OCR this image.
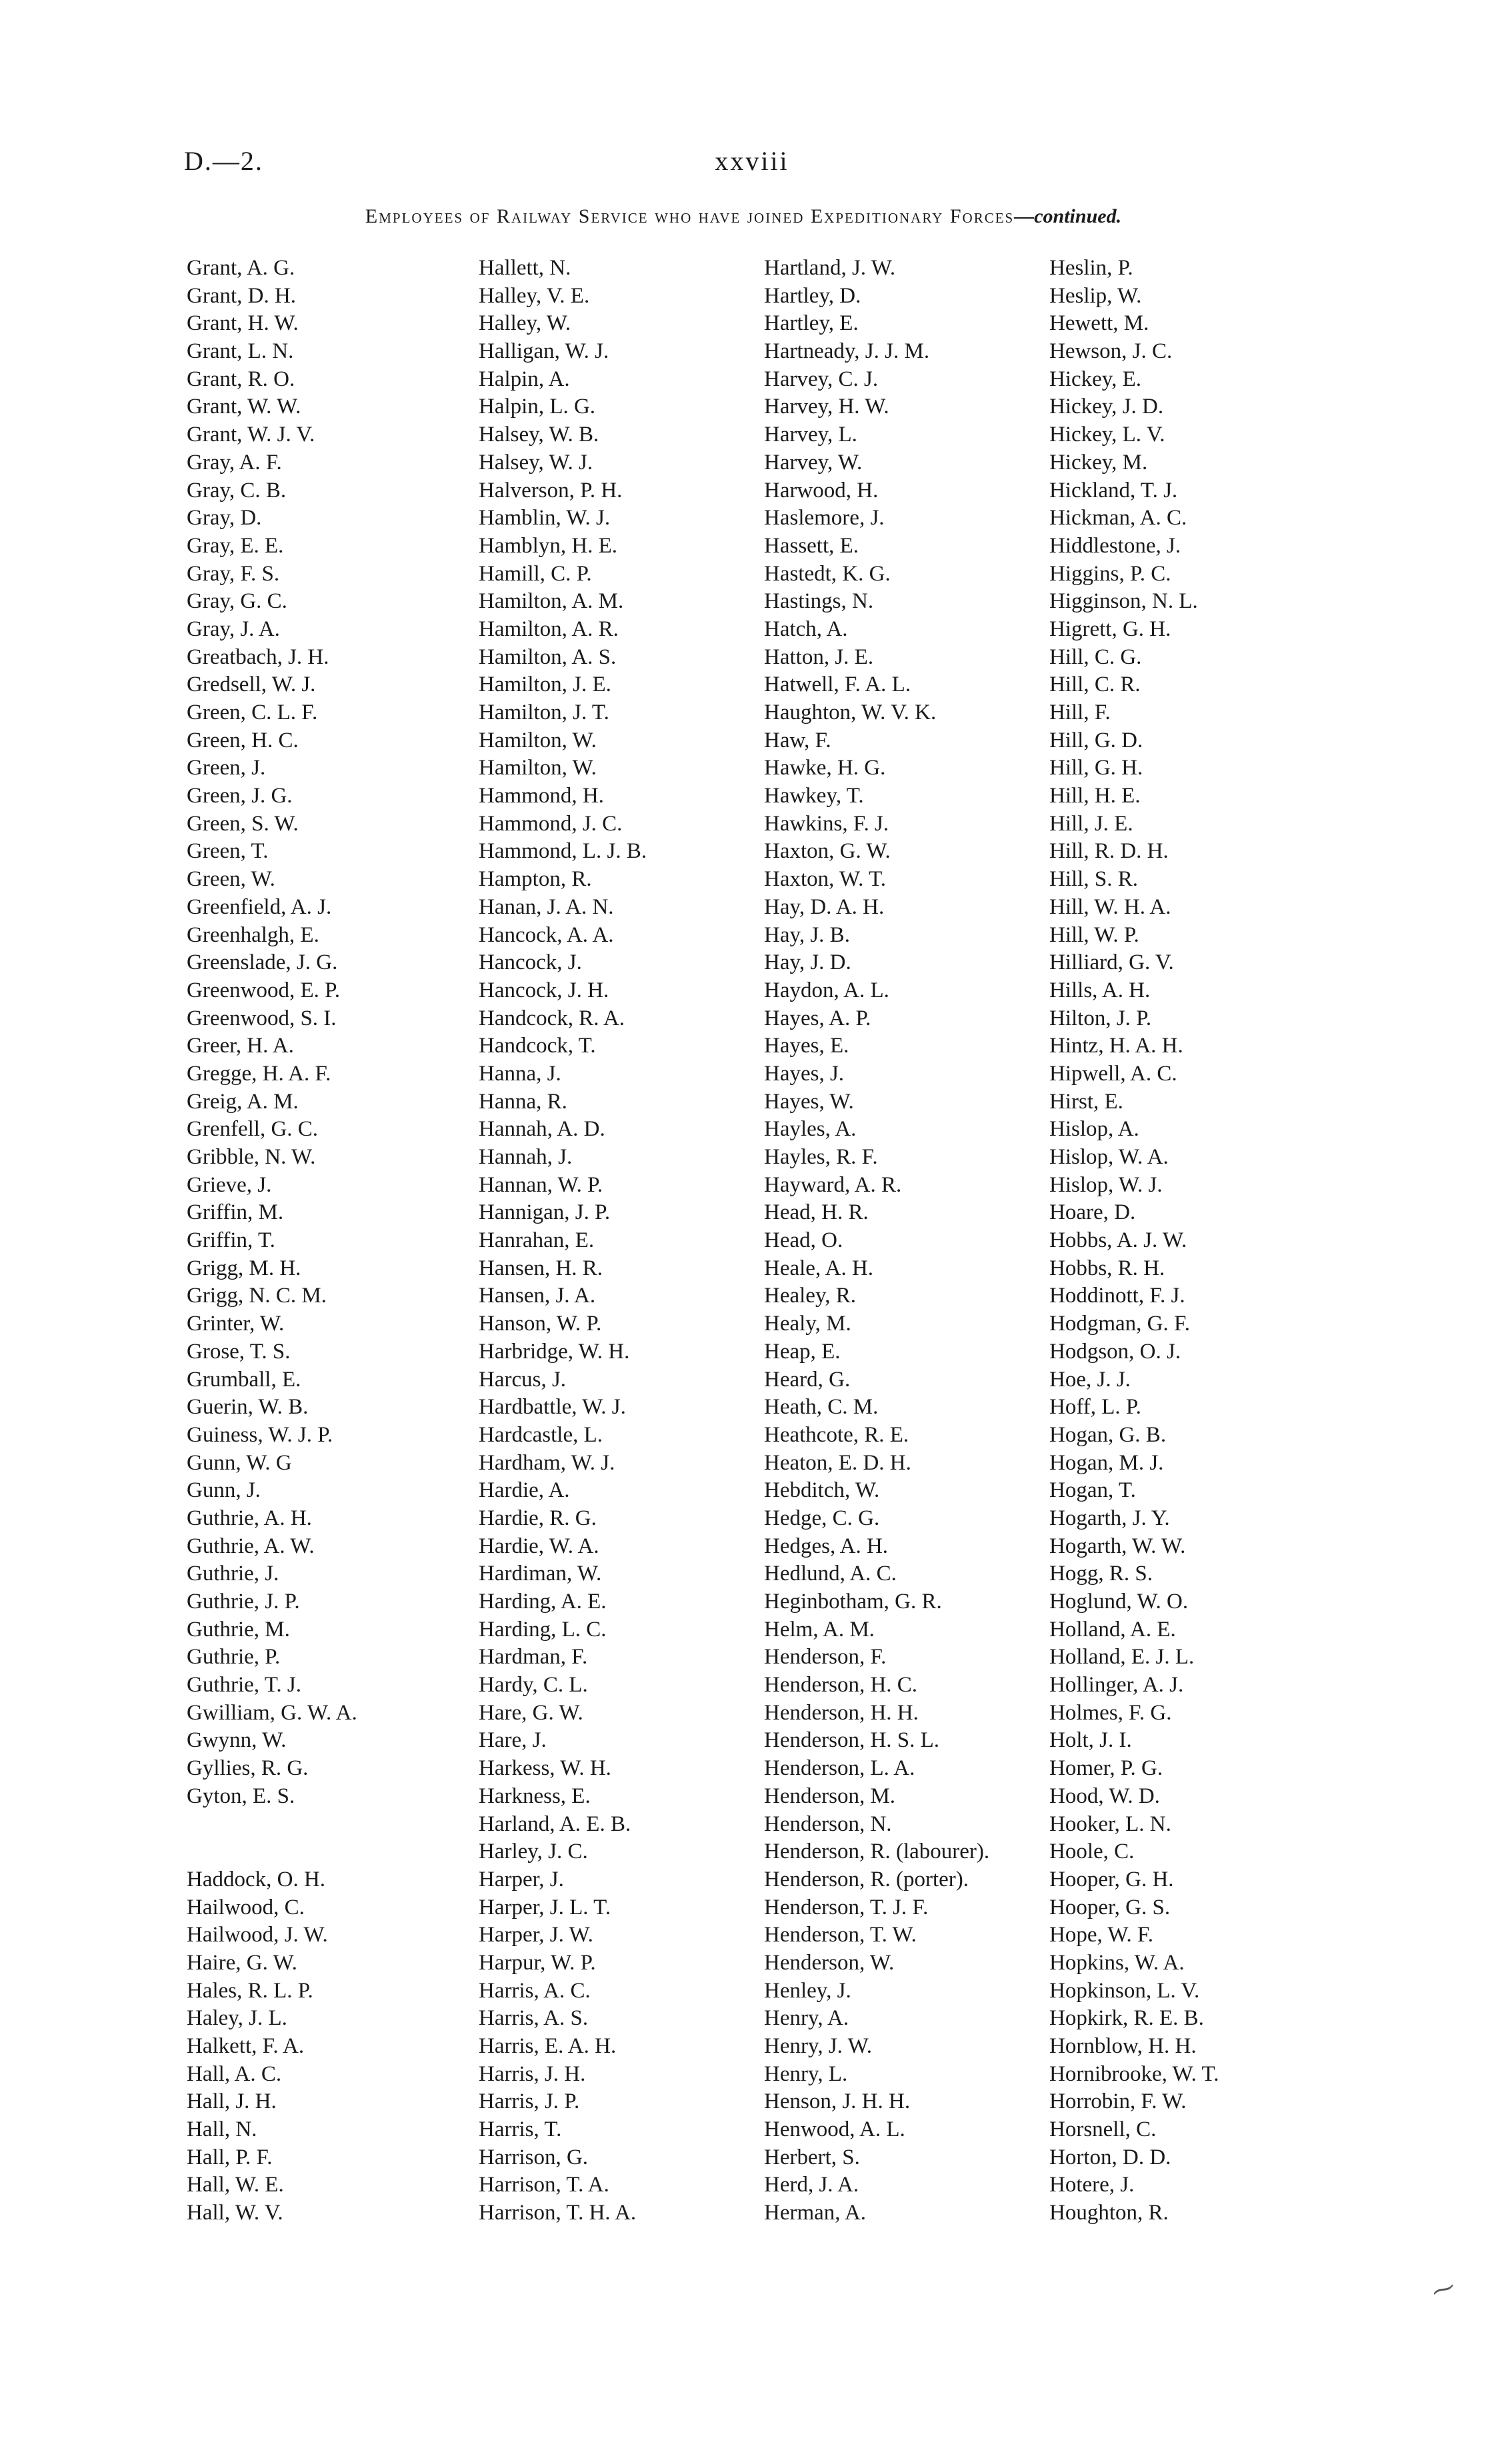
D.—2.	xxviii
Employees of Railway Service who have joined Expeditionary Forces—continued.
Grant, A. G.
Grant, D. H.
Grant, H. W.
Grant, L. N.
Grant, R. O.
Grant, W. W.
Grant, W. J. V.
Gray, A. F.
Gray, C. B.
Gray, D.
Gray, E. E.
Gray, F. S.
Gray, G. C.
Gray, J. A.
Greatbach, J. H.
Gredsell, W. J.
Green, C. L. F.
Green, H. C.
Green, J.
Green, J. G.
Green, S. W.
Green, T.
Green, W.
Greenfield, A. J.
Greenhalgh, E.
Greenslade, J. G.
Greenwood, E. P.
Greenwood, S. I.
Greer, H. A.
Gregge, H. A. F.
Greig, A. M.
Grenfell, G. C.
Gribble, N. W.
Grieve, J.
Griffin, M.
Griffin, T.
Grigg, M. H.
Grigg, N. C. M.
Grinter, W.
Grose, T. S.
Grumball, E.
Guerin, W. B.
Guiness, W. J. P.
Gunn, W. G
Gunn, J.
Guthrie, A. H.
Guthrie, A. W.
Guthrie, J.
Guthrie, J. P.
Guthrie, M.
Guthrie, P.
Guthrie, T. J.
Gwilliam, G. W. A.
Gwynn, W.
Gyllies, R. G.
Gyton, E. S.
Haddock, O. H.
Hailwood, C.
Hailwood, J. W.
Haire, G. W.
Hales, R. L. P.
Haley, J. L.
Halkett, F. A.
Hall, A. C.
Hall, J. H.
Hall, N.
Hall, P. F.
Hall, W. E.
Hall, W. V.
Hallett, N.
Halley, V. E.
Halley, W.
Halligan, W. J.
Halpin, A.
Halpin, L. G.
Halsey, W. B.
Halsey, W. J.
Halverson, P. H.
Hamblin, W. J.
Hamblyn, H. E.
Hamill, C. P.
Hamilton, A. M.
Hamilton, A. R.
Hamilton, A. S.
Hamilton, J. E.
Hamilton, J. T.
Hamilton, W.
Hamilton, W.
Hammond, H.
Hammond, J. C.
Hammond, L. J. B.
Hampton, R.
Hanan, J. A. N.
Hancock, A. A.
Hancock, J.
Hancock, J. H.
Handcock, R. A.
Handcock, T.
Hanna, J.
Hanna, R.
Hannah, A. D.
Hannah, J.
Hannan, W. P.
Hannigan, J. P.
Hanrahan, E.
Hansen, H. R.
Hansen, J. A.
Hanson, W. P.
Harbridge, W. H.
Harcus, J.
Hardbattle, W. J.
Hardcastle, L.
Hardham, W. J.
Hardie, A.
Hardie, R. G.
Hardie, W. A.
Hardiman, W.
Harding, A. E.
Harding, L. C.
Hardman, F.
Hardy, C. L.
Hare, G. W.
Hare, J.
Harkess, W. H.
Harkness, E.
Harland, A. E. B.
Harley, J. C.
Harper, J.
Harper, J. L. T.
Harper, J. W.
Harpur, W. P.
Harris, A. C.
Harris, A. S.
Harris, E. A. H.
Harris, J. H.
Harris, J. P.
Harris, T.
Harrison, G.
Harrison, T. A.
Harrison, T. H. A.
Hartland, J. W.
Hartley, D.
Hartley, E.
Hartneady, J. J. M.
Harvey, C. J.
Harvey, H. W.
Harvey, L.
Harvey, W.
Harwood, H.
Haslemore, J.
Hassett, E.
Hastedt, K. G.
Hastings, N.
Hatch, A.
Hatton, J. E.
Hatwell, F. A. L.
Haughton, W. V. K.
Haw, F.
Hawke, H. G.
Hawkey, T.
Hawkins, F. J.
Haxton, G. W.
Haxton, W. T.
Hay, D. A. H.
Hay, J. B.
Hay, J. D.
Haydon, A. L.
Hayes, A. P.
Hayes, E.
Hayes, J.
Hayes, W.
Hayles, A.
Hayles, R. F.
Hayward, A. R.
Head, H. R.
Head, O.
Heale, A. H.
Healey, R.
Healy, M.
Heap, E.
Heard, G.
Heath, C. M.
Heathcote, R. E.
Heaton, E. D. H.
Hebditch, W.
Hedge, C. G.
Hedges, A. H.
Hedlund, A. C.
Heginbotham, G. R.
Helm, A. M.
Henderson, F.
Henderson, H. C.
Henderson, H. H.
Henderson, H. S. L.
Henderson, L. A.
Henderson, M.
Henderson, N.
Henderson, R. (labourer).
Henderson, R. (porter).
Henderson, T. J. F.
Henderson, T. W.
Henderson, W.
Henley, J.
Henry, A.
Henry, J. W.
Henry, L.
Henson, J. H. H.
Henwood, A. L.
Herbert, S.
Herd, J. A.
Herman, A.
Heslin, P.
Heslip, W.
Hewett, M.
Hewson, J. C.
Hickey, E.
Hickey, J. D.
Hickey, L. V.
Hickey, M.
Hickland, T. J.
Hickman, A. C.
Hiddlestone, J.
Higgins, P. C.
Higginson, N. L.
Higrett, G. H.
Hill, C. G.
Hill, C. R.
Hill, F.
Hill, G. D.
Hill, G. H.
Hill, H. E.
Hill, J. E.
Hill, R. D. H.
Hill, S. R.
Hill, W. H. A.
Hill, W. P.
Hilliard, G. V.
Hills, A. H.
Hilton, J. P.
Hintz, H. A. H.
Hipwell, A. C.
Hirst, E.
Hislop, A.
Hislop, W. A.
Hislop, W. J.
Hoare, D.
Hobbs, A. J. W.
Hobbs, R. H.
Hoddinott, F. J.
Hodgman, G. F.
Hodgson, O. J.
Hoe, J. J.
Hoff, L. P.
Hogan, G. B.
Hogan, M. J.
Hogan, T.
Hogarth, J. Y.
Hogarth, W. W.
Hogg, R. S.
Hoglund, W. O.
Holland, A. E.
Holland, E. J. L.
Hollinger, A. J.
Holmes, F. G.
Holt, J. I.
Homer, P. G.
Hood, W. D.
Hooker, L. N.
Hoole, C.
Hooper, G. H.
Hooper, G. S.
Hope, W. F.
Hopkins, W. A.
Hopkinson, L. V.
Hopkirk, R. E. B.
Hornblow, H. H.
Hornibrooke, W. T.
Horrobin, F. W.
Horsnell, C.
Horton, D. D.
Hotere, J.
Houghton, R.
⁓
